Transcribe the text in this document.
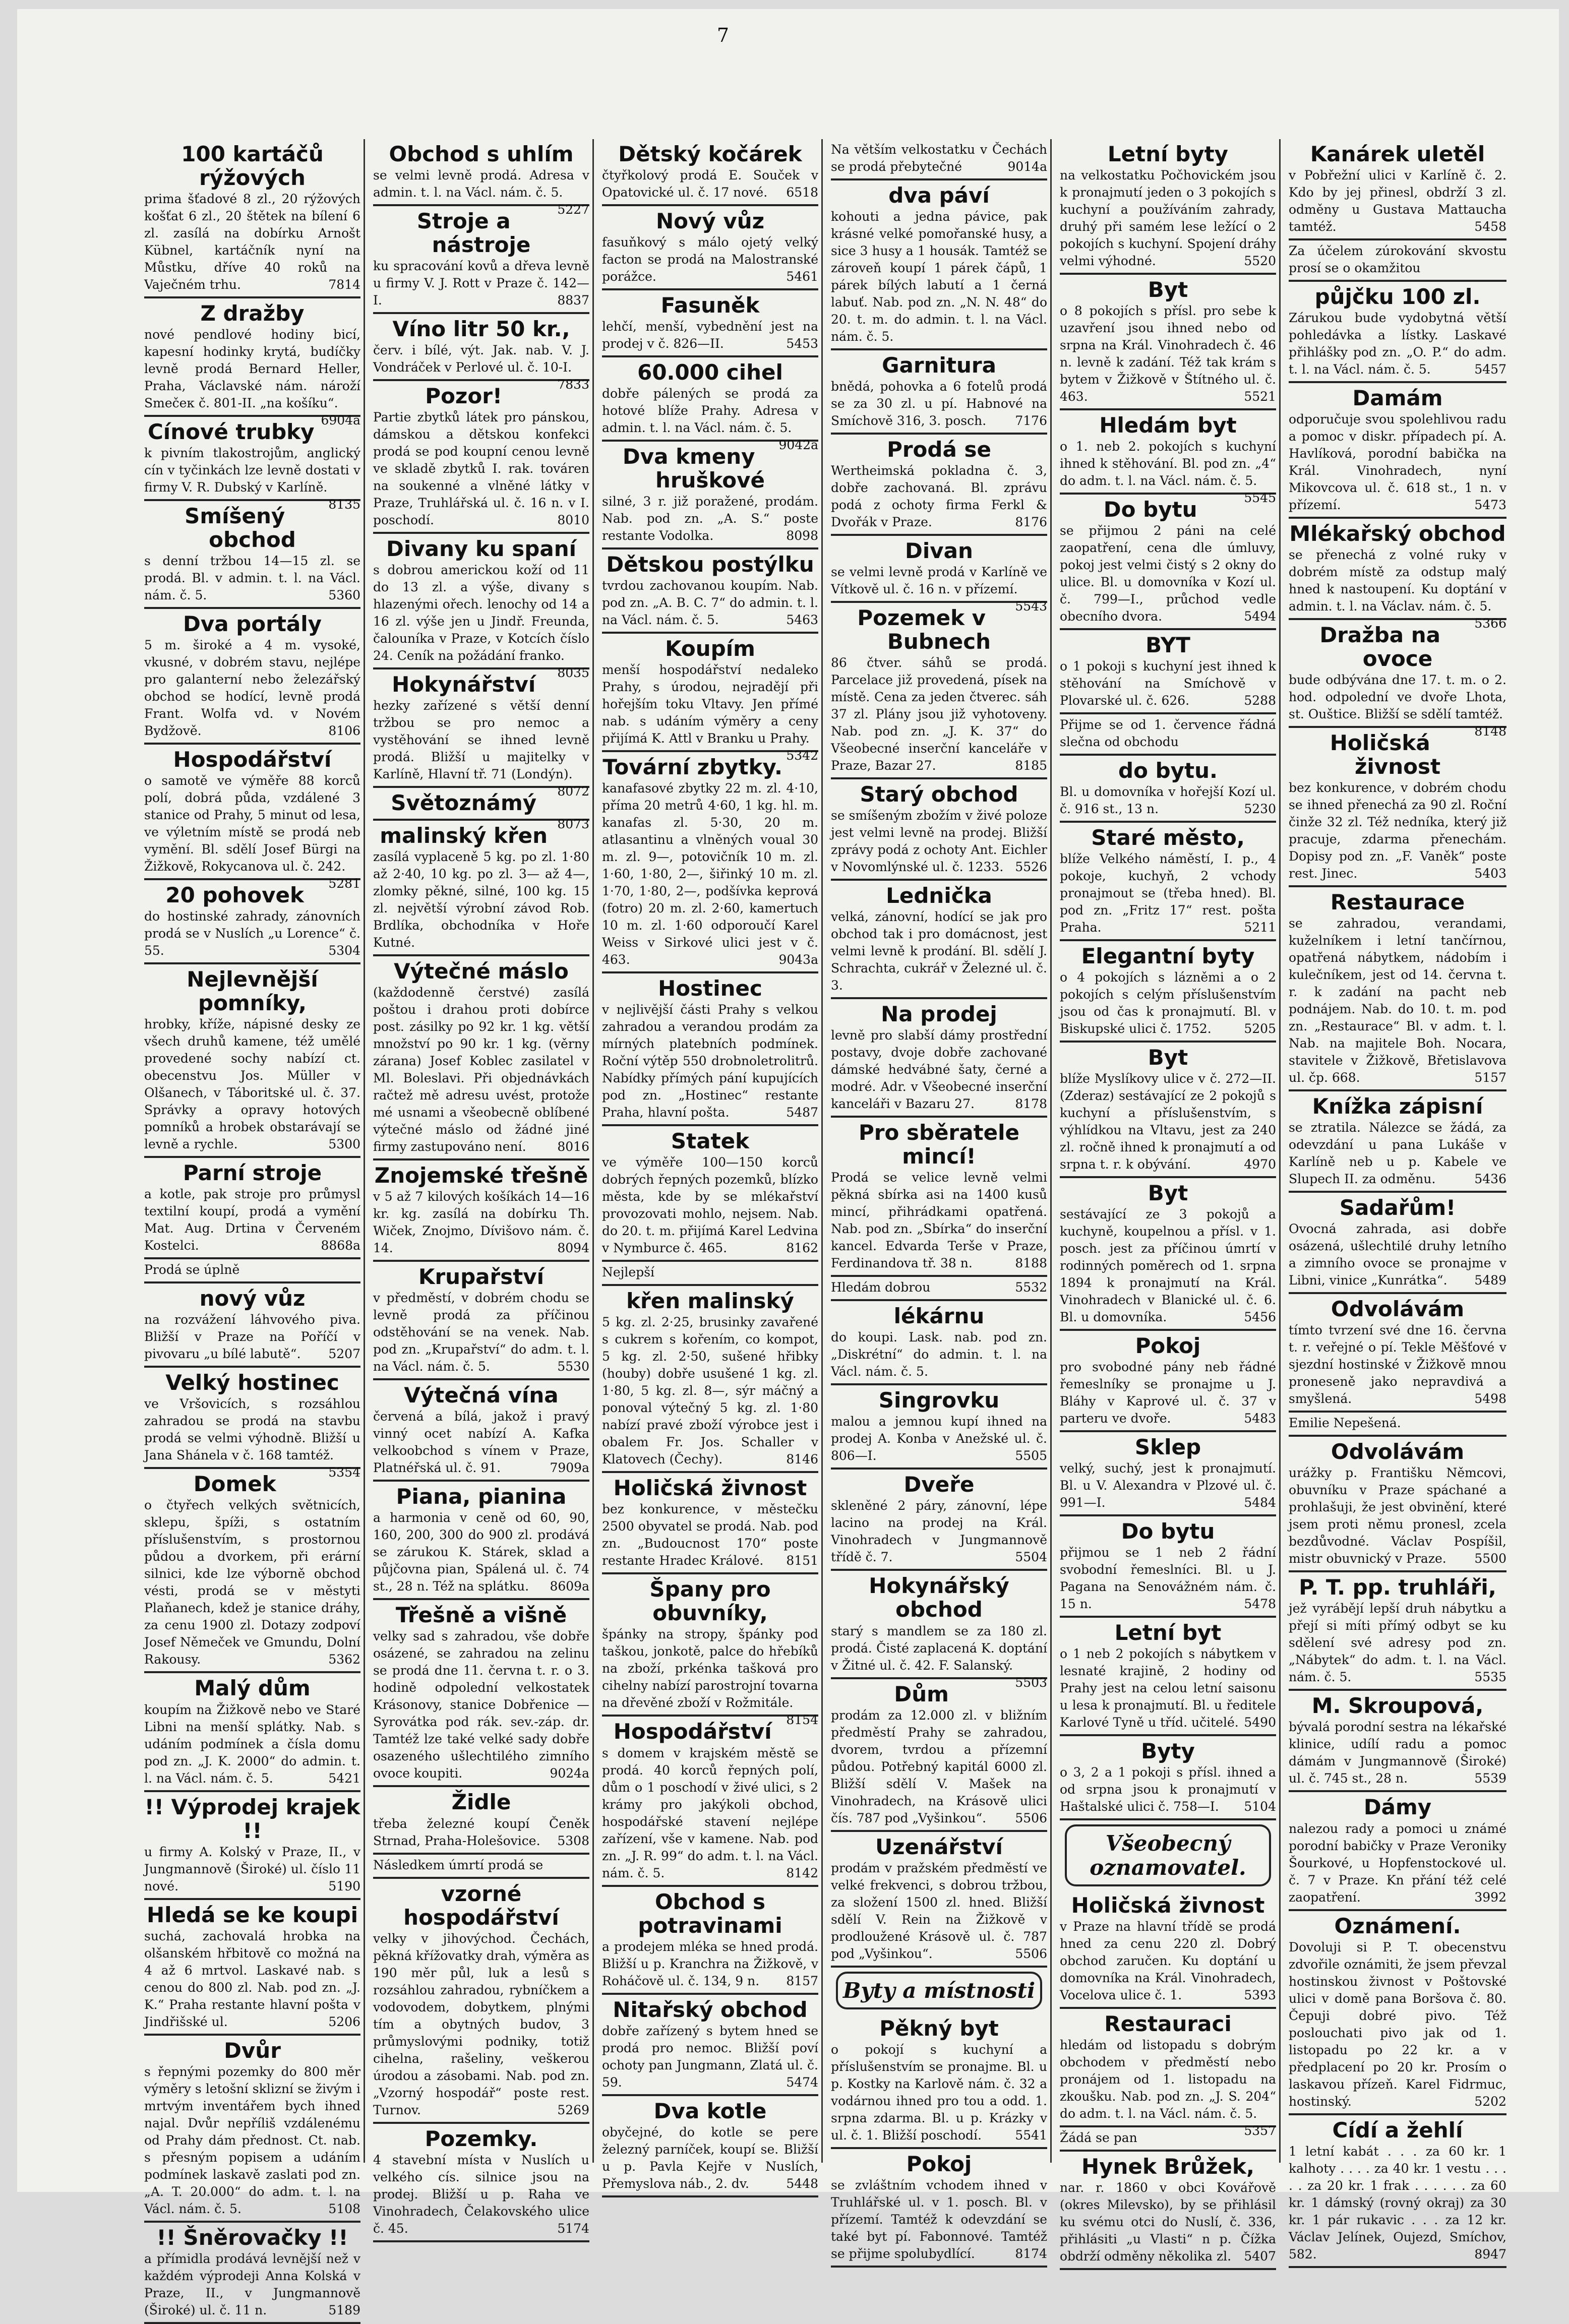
7
100 kartáčů rýžových
prima šťadové 8 zl., 20 rýžových košťat 6 zl., 20 štětek na bílení 6 zl. zasílá na dobírku Arnošt Kübnel, kartáčník nyní na Můstku, dříve 40 roků na Vaječném trhu.	7814
Z dražby
nové pendlové hodiny bicí, kapesní hodinky krytá, budíčky levně prodá Bernard Heller, Praha, Václavské nám. nároží Smečeк č. 801-II. „na košíku“.
6904a
Cínové trubky
k pivním tlakostrojům, anglický cín v tyčinkách lze levně dostati v firmy V. R. Dubský v Karlíně.
8135
Smíšený obchod
s denní tržbou 14—15 zl. se prodá. Bl. v admin. t. l. na Václ. nám. č. 5.	5360
Dva portály
5 m. široké a 4 m. vysoké, vkusné, v dobrém stavu, nejlépe pro galanterní nebo železářský obchod se hodící, levně prodá Frant. Wolfa vd. v Novém Bydžově.	8106
Hospodářství
o samotě ve výměře 88 korců polí, dobrá půda, vzdálené 3 stanice od Prahy, 5 minut od lesa, ve výletním místě se prodá neb vymění. Bl. sdělí Josef Bürgi na Žižkově, Rokycanova ul. č. 242.
5281
20 pohovek
do hostinské zahrady, zánovních prodá se v Nuslích „u Lorence“ č. 55.	5304
Nejlevnější pomníky,
hrobky, kříže, nápisné desky ze všech druhů kamene, též umělé provedené sochy nabízí ct. obecenstvu Jos. Müller v Olšanech, v Táboritské ul. č. 37. Správky a opravy hotových pomníků a hrobek obstarávají se levně a rychle.	5300
Parní stroje
a kotle, pak stroje pro průmysl textilní koupí, prodá a vymění Mat. Aug. Drtina v Červeném Kostelci.	8868a
Prodá se úplně
nový vůz
na rozvážení láhvového piva. Bližší v Praze na Poříčí v pivovaru „u bílé labutě“. 5207
Velký hostinec
ve Vršovicích, s rozsáhlou zahradou se prodá na stavbu prodá se velmi výhodně. Bližší u Jana Shánela v č. 168 tamtéž.
5354
Domek
o čtyřech velkých světnicích, sklepu, špíži, s ostatním příslušenstvím, s prostornou půdou a dvorkem, při erární silnici, kde lze výborně obchod vésti, prodá se v městyti Plaňanech, kdež je stanice dráhy, za cenu 1900 zl. Dotazy zodpoví Josef Němeček ve Gmundu, Dolní Rakousy.	5362
Malý dům
koupím na Žižkově nebo ve Staré Libni na menší splátky. Nab. s udáním podmínek a čísla domu pod zn. „J. K. 2000“ do admin. t. l. na Václ. nám. č. 5.	5421
!! Výprodej krajek !!
u firmy A. Kolský v Praze, II., v Jungmannově (Široké) ul. číslo 11 nové.	5190
Hledá se ke koupi
suchá, zachovalá hrobka na olšanském hřbitově co možná na 4 až 6 mrtvol. Laskavé nab. s cenou do 800 zl. Nab. pod zn. „J. K.“ Praha restante hlavní pošta v Jindřišské ul.	5206
Dvůr
s řepnými pozemky do 800 měr výměry s letošní sklizní se živým i mrtvým inventářem bych ihned najal. Dvůr nepříliš vzdálenému od Prahy dám přednost. Ct. nab. s přesným popisem a udáním podmínek laskavě zaslati pod zn. „A. T. 20.000“ do adm. t. l. na Václ. nám. č. 5.	5108
!! Šněrovačky !!
a přímidla prodává levnější než v každém výprodeji Anna Kolská v Praze, II., v Jungmannově (Široké) ul. č. 11 n.	5189
Obchod s uhlím
se velmi levně prodá. Adresa v admin. t. l. na Václ. nám. č. 5.
5227
Stroje a nástroje
ku spracování kovů a dřeva levně u firmy V. J. Rott v Praze č. 142—I.	8837
Víno litr 50 kr.,
červ. i bílé, výt. Jak. nab. V. J. Vondráček v Perlové ul. č. 10-I.
7833
Pozor!
Partie zbytků látek pro pánskou, dámskou a dětskou konfekci prodá se pod koupní cenou levně ve skladě zbytků I. rak. továren na soukenné a vlněné látky v Praze, Truhlářská ul. č. 16 n. v I. poschodí.	8010
Divany ku spaní
s dobrou americkou koží od 11 do 13 zl. a výše, divany s hlazenými ořech. lenochy od 14 a 16 zl. výše jen u Jindř. Freunda, čalouníka v Praze, v Kotcích číslo 24. Ceník na požádání franko.
8035
Hokynářství
hezky zařízené s větší denní tržbou se pro nemoc a vystěhování se ihned levně prodá. Bližší u majitelky v Karlíně, Hlavní tř. 71 (Londýn).
8072
Světoznámý
8073
malinský křen
zasílá vyplaceně 5 kg. po zl. 1·80 až 2·40, 10 kg. po zl. 3— až 4—, zlomky pěkné, silné, 100 kg. 15 zl. největší výrobní závod Rob. Brdlíka, obchodníka v Hoře Kutné.
Výtečné máslo
(každodenně čerstvé) zasílá poštou i drahou proti dobírce post. zásilky po 92 kr. 1 kg. větší množství po 90 kr. 1 kg. (věrny zárana) Josef Koblec zasilatel v Ml. Boleslavi. Při objednávkách račtež mě adresu uvést, protože mé usnami a všeobecně oblíbené výtečné máslo od žádné jiné firmy zastupováno není. 8016
Znojemské třešně
v 5 až 7 kilových košíkách 14—16 kr. kg. zasílá na dobírku Th. Wiček, Znojmo, Dívišovo nám. č. 14.	8094
Krupařství
v předměstí, v dobrém chodu se levně prodá za příčinou odstěhování se na venek. Nab. pod zn. „Krupařství“ do adm. t. l. na Václ. nám. č. 5.	5530
Výtečná vína
červená a bílá, jakož i pravý vinný ocet nabízí A. Kafka velkoobchod s vínem v Praze, Platnéřská ul. č. 91.	7909a
Piana, pianina
a harmonia v ceně od 60, 90, 160, 200, 300 do 900 zl. prodává se zárukou K. Stárek, sklad a půjčovna pian, Spálená ul. č. 74 st., 28 n. Též na splátku. 8609a
Třešně a višně
velky sad s zahradou, vše dobře osázené, se zahradou na zelinu se prodá dne 11. června t. r. o 3. hodině odpolední velkostatek Krásonovy, stanice Dobřenice — Syrovátka pod rák. sev.-záp. dr. Tamtéž lze také velké sady dobře osazeného ušlechtilého zimního ovoce koupiti.	9024a
Židle
třeba železné koupí Čeněk Strnad, Praha-Holešovice. 5308
Následkem úmrtí prodá se
vzorné hospodářství
velky v jihovýchod. Čechách, pěkná křížovatky drah, výměra as 190 měr půl, luk a lesů s rozsáhlou zahradou, rybníčkem a vodovodem, dobytkem, plnými tím a obytných budov, 3 průmyslovými podniky, totiž cihelna, rašeliny, veškerou úrodou a zásobami. Nab. pod zn. „Vzorný hospodář“ poste rest. Turnov.	5269
Pozemky.
4 stavební místa v Nuslích u velkého cís. silnice jsou na prodej. Bližší u p. Raha ve Vinohradech, Čelakovského ulice č. 45.	5174
Dětský kočárek
čtyřkolový prodá E. Souček v Opatovické ul. č. 17 nové. 6518
Nový vůz
fasuňkový s málo ojetý velký facton se prodá na Malostranské porážce.	5461
Fasuněk
lehčí, menší, vybednění jest na prodej v č. 826—II.	5453
60.000 cihel
dobře pálených se prodá za hotové blíže Prahy. Adresa v admin. t. l. na Václ. nám. č. 5.
9042a
Dva kmeny hruškové
silné, 3 r. již poražené, prodám. Nab. pod zn. „A. S.“ poste restante Vodolka.	8098
Dětskou postýlku
tvrdou zachovanou koupím. Nab. pod zn. „A. B. C. 7“ do admin. t. l. na Václ. nám. č. 5.	5463
Koupím
menší hospodářství nedaleko Prahy, s úrodou, nejradějí při hořejším toku Vltavy. Jen přímé nab. s udáním výměry a ceny přijímá K. Attl v Branku u Prahy.
5342
Tovární zbytky.
kanafasové zbytky 22 m. zl. 4·10, příma 20 metrů 4·60, 1 kg. hl. m. kanafas zl. 5·30, 20 m. atlasantinu a vlněných voual 30 m. zl. 9—, potovičník 10 m. zl. 1·60, 1·80, 2—, šiřinký 10 m. zl. 1·70, 1·80, 2—, podšívka keprová (fotro) 20 m. zl. 2·60, kamertuch 10 m. zl. 1·60 odporoučí Karel Weiss v Sirkové ulici jest v č. 463.	9043a
Hostinec
v nejlivější části Prahy s velkou zahradou a verandou prodám za mírných platebních podmínek. Roční výtěp 550 drobnoletrolitrů. Nabídky přímých pání kupujících pod zn. „Hostinec“ restante Praha, hlavní pošta.	5487
Statek
ve výměře 100—150 korců dobrých řepných pozemků, blízko města, kde by se mlékařství provozovati mohlo, nejsem. Nab. do 20. t. m. přijímá Karel Ledvina v Nymburce č. 465.	8162
Nejlepší
křen malinský
5 kg. zl. 2·25, brusinky zavařené s cukrem s kořením, co kompot, 5 kg. zl. 2·50, sušené hřibky (houby) dobře usušené 1 kg. zl. 1·80, 5 kg. zl. 8—, sýr máčný a ponoval výtečný 5 kg. zl. 1·80 nabízí pravé zboží výrobce jest i obalem Fr. Jos. Schaller v Klatovech (Čechy).	8146
Holičská živnost
bez konkurence, v městečku 2500 obyvatel se prodá. Nab. pod zn. „Budoucnost 170“ poste restante Hradec Králové. 8151
Špany pro obuvníky,
špánky na stropy, špánky pod taškou, jonkotě, palce do hřebíků na zboží, prkénka tašková pro cihelny nabízí parostrojní tovarna na dřevěné zboží v Rožmitále.
8154
Hospodářství
s domem v krajském městě se prodá. 40 korců řepných polí, dům o 1 poschodí v živé ulici, s 2 krámy pro jakýkoli obchod, hospodářské stavení nejlépe zařízení, vše v kamene. Nab. pod zn. „J. R. 99“ do adm. t. l. na Václ. nám. č. 5.	8142
Obchod s potravinami
a prodejem mléka se hned prodá. Bližší u p. Kranchra na Žižkově, v Roháčově ul. č. 134, 9 n. 8157
Nitařský obchod
dobře zařízený s bytem hned se prodá pro nemoc. Bližší poví ochoty pan Jungmann, Zlatá ul. č. 59.	5474
Dva kotle
obyčejné, do kotle se pere železný parníček, koupí se. Bližší u p. Pavla Kejře v Nuslích, Přemyslova náb., 2. dv.	5448
Na větším velkostatku v Čechách se prodá přebytečné	9014a
dva páví
kohouti a jedna pávice, pak krásné velké pomořanské husy, a sice 3 husy a 1 housák. Tamtéž se zároveň koupí 1 párek čápů, 1 párek bílých labutí a 1 černá labuť. Nab. pod zn. „N. N. 48“ do 20. t. m. do admin. t. l. na Václ. nám. č. 5.
Garnitura
bnědá, pohovka a 6 fotelů prodá se za 30 zl. u pí. Habnové na Smíchově 316, 3. posch. 7176
Prodá se
Wertheimská pokladna č. 3, dobře zachovaná. Bl. zprávu podá z ochoty firma Ferkl & Dvořák v Praze.	8176
Divan
se velmi levně prodá v Karlíně ve Vítkově ul. č. 16 n. v přízemí.
5543
Pozemek v Bubnech
86 čtver. sáhů se prodá. Parcelace již provedená, písek na místě. Cena za jeden čtverec. sáh 37 zl. Plány jsou již vyhotoveny. Nab. pod zn. „J. K. 37“ do Všeobecné inserční kanceláře v Praze, Bazar 27.	8185
Starý obchod
se smíšeným zbožím v živé poloze jest velmi levně na prodej. Bližší zprávy podá z ochoty Ant. Eichler v Novomlýnské ul. č. 1233. 5526
Lednička
velká, zánovní, hodící se jak pro obchod tak i pro domácnost, jest velmi levně k prodání. Bl. sdělí J. Schrachta, cukrář v Železné ul. č. 3.
Na prodej
levně pro slabší dámy prostřední postavy, dvoje dobře zachované dámské hedvábné šaty, černé a modré. Adr. v Všeobecné inserční kanceláři v Bazaru 27.	8178
Pro sběratele mincí!
Prodá se velice levně velmi pěkná sbírka asi na 1400 kusů mincí, přihrádkami opatřená. Nab. pod zn. „Sbírka“ do inserční kancel. Edvarda Terše v Praze, Ferdinandova tř. 38 n.	8188
Hledám dobrou	5532
lékárnu
do koupi. Lask. nab. pod zn. „Diskrétní“ do admin. t. l. na Václ. nám. č. 5.
Singrovku
malou a jemnou kupí ihned na prodej A. Konba v Anežské ul. č. 806—I.	5505
Dveře
skleněné 2 páry, zánovní, lépe lacino na prodej na Král. Vinohradech v Jungmannově třídě č. 7.	5504
Hokynářský obchod
starý s mandlem se za 180 zl. prodá. Čisté zaplacená K. doptání v Žitné ul. č. 42. F. Salanský.
5503
Dům
prodám za 12.000 zl. v bližním předměstí Prahy se zahradou, dvorem, tvrdou a přízemní půdou. Potřebný kapitál 6000 zl. Bližší sdělí V. Mašek na Vinohradech, na Krásově ulici čís. 787 pod „Vyšinkou“. 5506
Uzenářství
prodám v pražském předměstí ve velké frekvenci, s dobrou tržbou, za složení 1500 zl. hned. Bližší sdělí V. Rein na Žižkově v prodloužené Krásově ul. č. 787 pod „Vyšinkou“.	5506
Byty a místnosti
Pěkný byt
o pokojí s kuchyní a příslušenstvím se pronajme. Bl. u p. Kostky na Karlově nám. č. 32 a vodárnou ihned pro tou a odd. 1. srpna zdarma. Bl. u p. Krázky v ul. č. 1. Bližší poschodí.	5541
Pokoj
se zvláštním vchodem ihned v Truhlářské ul. v 1. posch. Bl. v přízemí. Tamtéž k odevzdání se také byt pí. Fabonnové. Tamtéž se přijme spolubydlící.	8174
Letní byty
na velkostatku Počhovickém jsou k pronajmutí jeden o 3 pokojích s kuchyní a používáním zahrady, druhý při samém lese ležící o 2 pokojích s kuchyní. Spojení dráhy velmi výhodné.	5520
Byt
o 8 pokojích s přísl. pro sebe k uzavření jsou ihned nebo od srpna na Král. Vinohradech č. 46 n. levně k zadání. Též tak krám s bytem v Žižkově v Štítného ul. č. 463.	5521
Hledám byt
o 1. neb 2. pokojích s kuchyní ihned k stěhování. Bl. pod zn. „4“ do adm. t. l. na Václ. nám. č. 5.
5545
Do bytu
se přijmou 2 páni na celé zaopatření, cena dle úmluvy, pokoj jest velmi čistý s 2 okny do ulice. Bl. u domovníka v Kozí ul. č. 799—I., průchod vedle obecního dvora.	5494
BYT
o 1 pokoji s kuchyní jest ihned k stěhování na Smíchově v Plovarské ul. č. 626.	5288
Přijme se od 1. července řádná slečna od obchodu
do bytu.
Bl. u domovníka v hořejší Kozí ul. č. 916 st., 13 n.	5230
Staré město,
blíže Velkého náměstí, I. p., 4 pokoje, kuchyň, 2 vchody pronajmout se (třeba hned). Bl. pod zn. „Fritz 17“ rest. pošta Praha.	5211
Elegantní byty
o 4 pokojích s lázněmi a o 2 pokojích s celým příslušenstvím jsou od čas k pronajmutí. Bl. v Biskupské ulici č. 1752.	5205
Byt
blíže Myslíkovy ulice v č. 272—II. (Zderaz) sestávající ze 2 pokojů s kuchyní a příslušenstvím, s výhlídkou na Vltavu, jest za 240 zl. ročně ihned k pronajmutí a od srpna t. r. k obývání.	4970
Byt
sestávající ze 3 pokojů a kuchyně, koupelnou a přísl. v 1. posch. jest za příčinou úmrtí v rodinných poměrech od 1. srpna 1894 k pronajmutí na Král. Vinohradech v Blanické ul. č. 6. Bl. u domovníka.	5456
Pokoj
pro svobodné pány neb řádné řemeslníky se pronajme u J. Bláhy v Kaprové ul. č. 37 v parteru ve dvoře.	5483
Sklep
velký, suchý, jest k pronajmutí. Bl. u V. Alexandra v Plzové ul. č. 991—I.	5484
Do bytu
přijmou se 1 neb 2 řádní svobodní řemeslníci. Bl. u J. Pagana na Senovážném nám. č. 15 n.	5478
Letní byt
o 1 neb 2 pokojích s nábytkem v lesnaté krajině, 2 hodiny od Prahy jest na celou letní saisonu u lesa k pronajmutí. Bl. u ředitele Karlové Tyně u tříd. učitelé. 5490
Byty
o 3, 2 a 1 pokoji s přísl. ihned a od srpna jsou k pronajmutí v Haštalské ulici č. 758—I. 5104
Všeobecný oznamovatel.
Holičská živnost
v Praze na hlavní třídě se prodá hned za cenu 220 zl. Dobrý obchod zaručen. Ku doptání u domovníka na Král. Vinohradech, Vocelova ulice č. 1.	5393
Restauraci
hledám od listopadu s dobrým obchodem v předměstí nebo pronájem od 1. listopadu na zkoušku. Nab. pod zn. „J. S. 204“ do adm. t. l. na Václ. nám. č. 5.
5357
Žádá se pan
Hynek Brůžek,
nar. r. 1860 v obci Kovářově (okres Milevsko), by se přihlásil ku svému otci do Nuslí, č. 336, přihlásiti „u Vlasti“ n p. Čížka obdrží odměny několika zl. 5407
Kanárek uletěl
v Pobřežní ulici v Karlíně č. 2. Kdo by jej přinesl, obdrží 3 zl. odměny u Gustava Mattauchа tamtéž.	5458
Za účelem zúrokování skvostu prosí se o okamžitou
půjčku 100 zl.
Zárukou bude vydobytná větší pohledávka a lístky. Laskavé přihlášky pod zn. „O. P.“ do adm. t. l. na Václ. nám. č. 5.	5457
Damám
odporučuje svou spolehlivou radu a pomoc v diskr. případech pí. A. Havlíková, porodní babička na Král. Vinohradech, nyní Mikovcova ul. č. 618 st., 1 n. v přízemí.	5473
Mlékařský obchod
se přenechá z volné ruky v dobrém místě za odstup malý hned k nastoupení. Ku doptání v admin. t. l. na Václav. nám. č. 5.
5366
Dražba na ovoce
bude odbývána dne 17. t. m. o 2. hod. odpolední ve dvoře Lhota, st. Ouštice. Bližší se sdělí tamtéž.
8148
Holičská živnost
bez konkurence, v dobrém chodu se ihned přenechá za 90 zl. Roční činže 32 zl. Též nedníka, který již pracuje, zdarma přenechám. Dopisy pod zn. „F. Vaněk“ poste rest. Jinec.	5403
Restaurace
se zahradou, verandami, kuželníkem i letní tančírnou, opatřená nábytkem, nádobím i kulečníkem, jest od 14. června t. r. k zadání na pacht neb podnájem. Nab. do 10. t. m. pod zn. „Restaurace“ Bl. v adm. t. l. Nab. na majitele Boh. Nocara, stavitele v Žižkově, Břetislavova ul. čp. 668.	5157
Knížka zápisní
se ztratila. Nálezce se žádá, za odevzdání u pana Lukáše v Karlíně neb u p. Kabele ve Slupech II. za odměnu.	5436
Sadařům!
Ovocná zahrada, asi dobře osázená, ušlechtilé druhy letního a zimního ovoce se pronajme v Libni, vinice „Kunrátka“. 5489
Odvolávám
tímto tvrzení své dne 16. června t. r. veřejné o pí. Tekle Měšťové v sjezdní hostinské v Žižkově mnou proneseně jako nepravdivá a smyšlená.	5498
Emilie Nepešená.
Odvolávám
urážky p. Františku Němcovi, obuvníku v Praze spáchané a prohlašuji, že jest obvinění, které jsem proti němu pronesl, zcela bezdůvodné. Václav Pospíšil, mistr obuvnický v Praze. 5500
P. T. pp. truhláři,
jež vyrábějí lepší druh nábytku a přejí si míti přímý odbyt se ku sdělení své adresy pod zn. „Nábytek“ do adm. t. l. na Václ. nám. č. 5.	5535
M. Skroupová,
bývalá porodní sestra na lékařské klinice, udílí radu a pomoc dámám v Jungmannově (Široké) ul. č. 745 st., 28 n.	5539
Dámy
nalezou rady a pomoci u známé porodní babičky v Praze Veroniky Šourkové, u Hopfenstockové ul. č. 7 v Praze. Kn přání též celé zaopatření.	3992
Oznámení.
Dovoluji si P. T. obecenstvu zdvořile oznámiti, že jsem převzal hostinskou živnost v Poštovské ulici v domě pana Boršova č. 80. Čepuji dobré pivo. Též poslouchati pivo jak od 1. listopadu po 22 kr. a v předplacení po 20 kr. Prosím o laskavou přízeň. Karel Fidrmuc, hostinský.	5202
Cídí a žehlí
1 letní kabát . . . za 60 kr. 1 kalhoty . . . . za 40 kr. 1 vestu . . . . . za 20 kr. 1 frak . . . . . . za 60 kr. 1 dámský (rovný okraj) za 30 kr. 1 pár rukavic . . . za 12 kr. Václav Jelínek, Oujezd, Smíchov, 582.	8947
